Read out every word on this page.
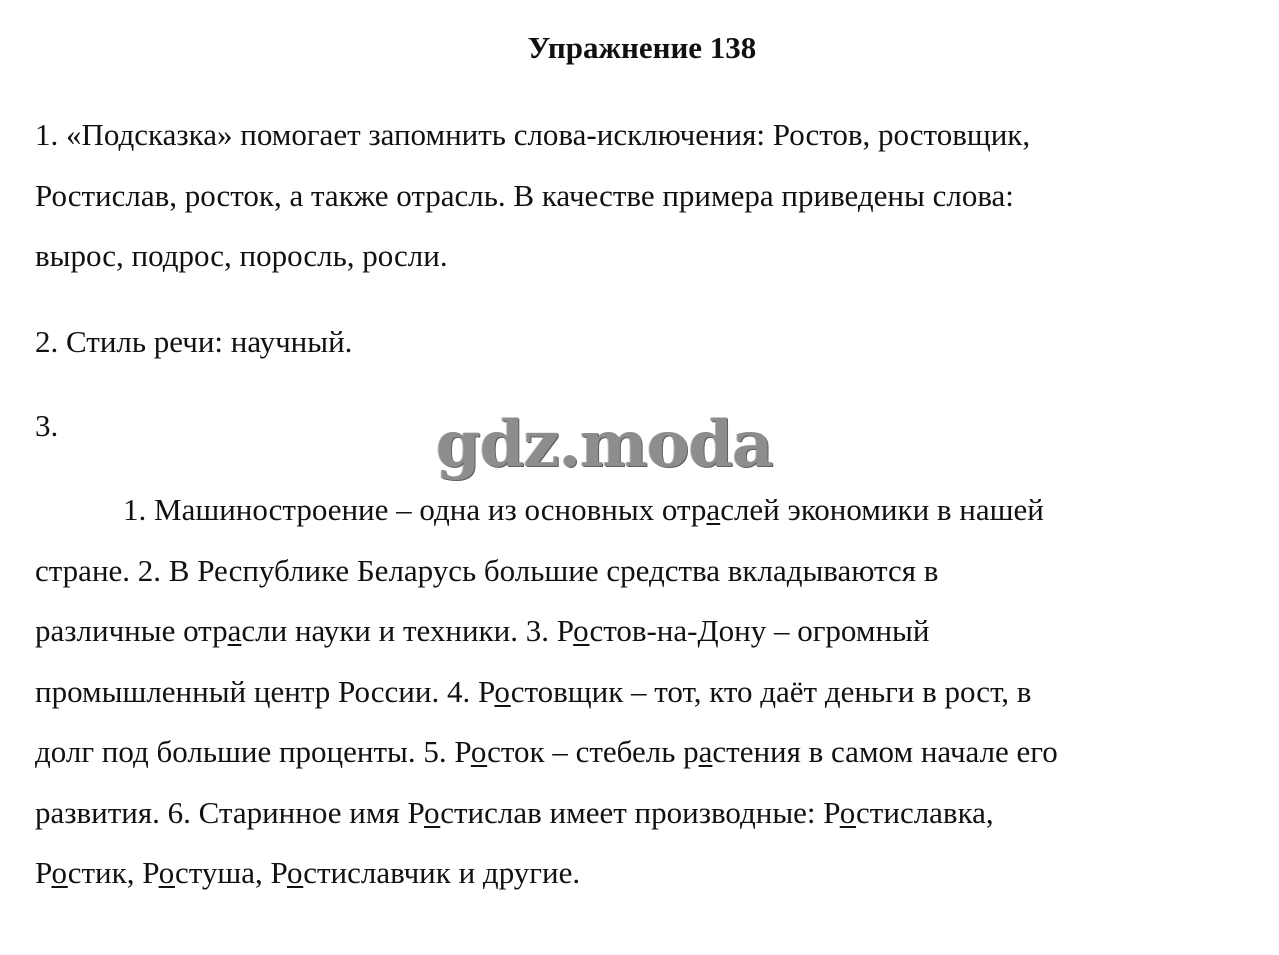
Упражнение 138

1. «Подсказка» помогает запомнить слова-исключения: Ростов, ростовщик,
Ростислав, росток, а также отрасль. В качестве примера приведены слова:
вырос, подрос, поросль, росли.

2. Стиль речи: научный.

3.

1. Машиностроение – одна из основных отраслей экономики в нашей
стране. 2. В Республике Беларусь большие средства вкладываются в
различные отрасли науки и техники. 3. Ростов-на-Дону – огромный
промышленный центр России. 4. Ростовщик – тот, кто даёт деньги в рост, в
долг под большие проценты. 5. Росток – стебель растения в самом начале его
развития. 6. Старинное имя Ростислав имеет производные: Ростиславка,
Ростик, Ростуша, Ростиславчик и другие.

gdz.moda
